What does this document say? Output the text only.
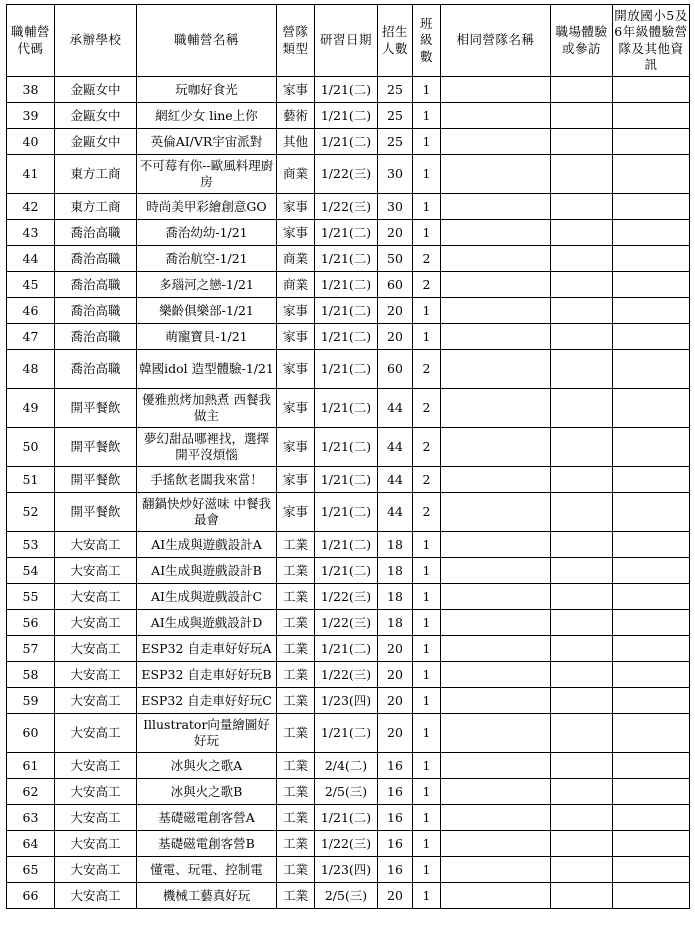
職輔營代碼	承辦學校	職輔營名稱	營隊類型	研習日期	招生人數	班級數	相同營隊名稱	職場體驗或參訪	開放國小5及6年級體驗營隊及其他資訊
38	金甌女中	玩咖好食光	家事	1/21(二)	25	1			
39	金甌女中	網紅少女 line上你	藝術	1/21(二)	25	1			
40	金甌女中	英倫AI/VR宇宙派對	其他	1/21(二)	25	1			
41	東方工商	不可莓有你--歐風料理廚房	商業	1/22(三)	30	1			
42	東方工商	時尚美甲彩繪創意GO	家事	1/22(三)	30	1			
43	喬治高職	喬治幼幼-1/21	家事	1/21(二)	20	1			
44	喬治高職	喬治航空-1/21	商業	1/21(二)	50	2			
45	喬治高職	多瑙河之戀-1/21	商業	1/21(二)	60	2			
46	喬治高職	樂齡俱樂部-1/21	家事	1/21(二)	20	1			
47	喬治高職	萌寵寶貝-1/21	家事	1/21(二)	20	1			
48	喬治高職	韓國idol 造型體驗-1/21	家事	1/21(二)	60	2			
49	開平餐飲	優雅煎烤加熱煮 西餐我做主	家事	1/21(二)	44	2			
50	開平餐飲	夢幻甜品哪裡找，選擇開平沒煩惱	家事	1/21(二)	44	2			
51	開平餐飲	手搖飲老闆我來當！	家事	1/21(二)	44	2			
52	開平餐飲	翻鍋快炒好滋味 中餐我最會	家事	1/21(二)	44	2			
53	大安高工	AI生成與遊戲設計A	工業	1/21(二)	18	1			
54	大安高工	AI生成與遊戲設計B	工業	1/21(二)	18	1			
55	大安高工	AI生成與遊戲設計C	工業	1/22(三)	18	1			
56	大安高工	AI生成與遊戲設計D	工業	1/22(三)	18	1			
57	大安高工	ESP32 自走車好好玩A	工業	1/21(二)	20	1			
58	大安高工	ESP32 自走車好好玩B	工業	1/22(三)	20	1			
59	大安高工	ESP32 自走車好好玩C	工業	1/23(四)	20	1			
60	大安高工	Illustrator向量繪圖好好玩	工業	1/21(二)	20	1			
61	大安高工	冰與火之歌A	工業	2/4(二)	16	1			
62	大安高工	冰與火之歌B	工業	2/5(三)	16	1			
63	大安高工	基礎磁電創客營A	工業	1/21(二)	16	1			
64	大安高工	基礎磁電創客營B	工業	1/22(三)	16	1			
65	大安高工	懂電、玩電、控制電	工業	1/23(四)	16	1			
66	大安高工	機械工藝真好玩	工業	2/5(三)	20	1			
